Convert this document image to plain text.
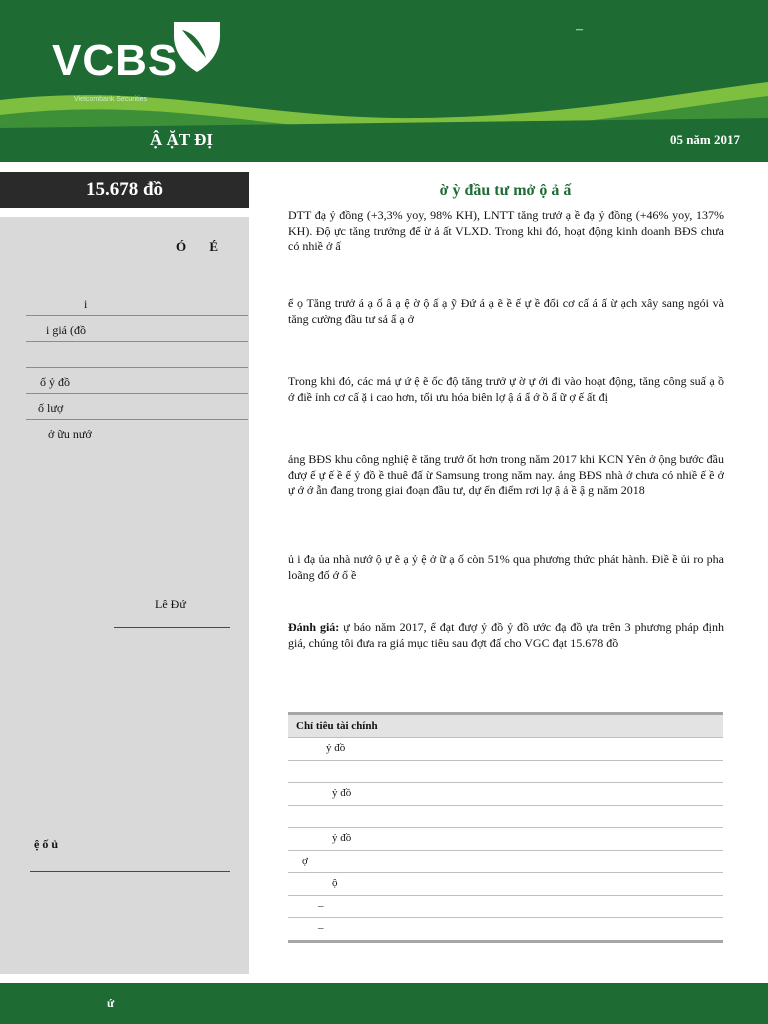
VCBS
Vietcombank Securities
–
Ậ ẶT ĐỊ	05 năm 2017
15.678 đồ
Ó É
i
i giá (đồ
ố ỷ đồ
ố lượ
ở ữu nướ
Lê Đứ
ệ ố ủ
ờ ỳ đầu tư mở ộ ả ấ

DTT đạ ỷ đồng (+3,3% yoy, 98% KH), LNTT tăng trưở ạ ề đạ ỷ đồng (+46% yoy, 137% KH). Độ ực tăng trưởng đế ừ ả ất VLXD. Trong khi đó, hoạt động kinh doanh BĐS chưa có nhiề ở ấ

ể ọ Tăng trưở á ạ ố â ạ ệ ờ ộ ấ ạ ỹ Đứ á ạ ẽ ề ế ự ề đổi cơ cấ á ấ ừ ạch xây sang ngói và tăng cường đầu tư sả ẩ ạ ở

Trong khi đó, các mả ự ứ ệ ẽ ốc độ tăng trưở ự ờ ự ới đi vào hoạt động, tăng công suấ ạ ồ ớ điề ỉnh cơ cấ ặ i cao hơn, tối ưu hóa biên lợ ậ á ẩ ớ ồ ẩ ữ ợ ế ất đị

ảng BĐS khu công nghiệ ẽ tăng trưở ốt hơn trong năm 2017 khi KCN Yên ở ộng bước đầu đượ ế ự ế ề ế ỷ đồ ề thuê đấ ừ Samsung trong năm nay. ảng BĐS nhà ở chưa có nhiề ế ề ở ự ớ ớ ẫn đang trong giai đoạn đầu tư, dự ến điểm rơi lợ ậ ả ề ậ g năm 2018

ủ i đạ ủa nhà nướ ộ ự ẽ ạ ỷ ệ ở ữ ạ ố còn 51% qua phương thức phát hành. Điề ề ủi ro pha loãng đố ớ ổ ề

Đánh giá: ự báo năm 2017, ể đạt đượ ỷ đồ ỷ đồ ước đạ đồ ựa trên 3 phương pháp định giá, chúng tôi đưa ra giá mục tiêu sau đợt đấ cho VGC đạt 15.678 đồ

Chỉ tiêu tài chính
ỷ đồ
ỷ đồ
ỷ đồ
ợ
ộ
–
–
ứ
